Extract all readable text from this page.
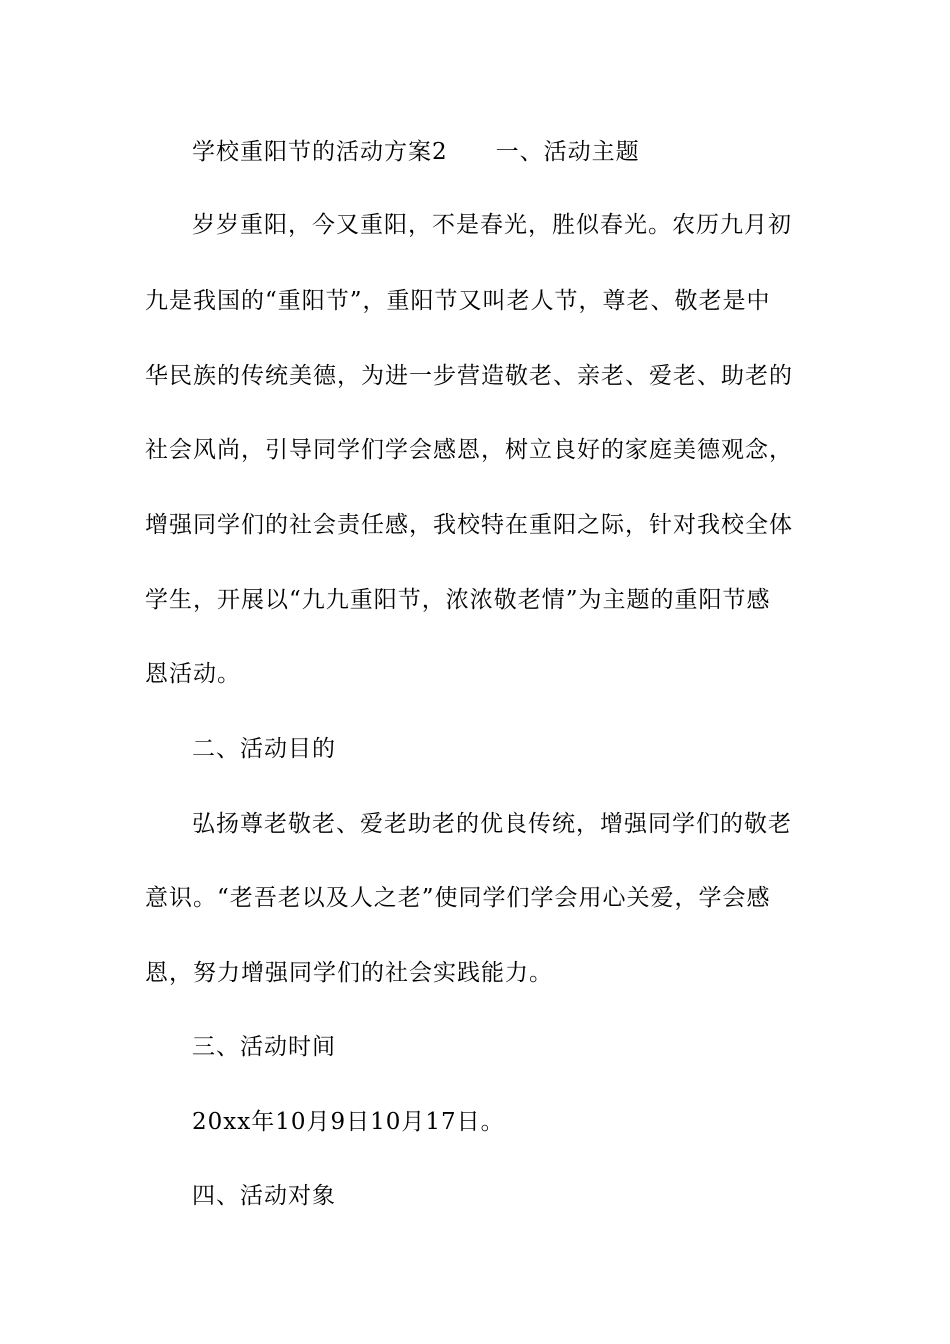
学校重阳节的活动方案2 一、活动主题
岁岁重阳，今又重阳，不是春光，胜似春光。农历九月初
九是我国的“重阳节”，重阳节又叫老人节，尊老、敬老是中
华民族的传统美德，为进一步营造敬老、亲老、爱老、助老的
社会风尚，引导同学们学会感恩，树立良好的家庭美德观念，
增强同学们的社会责任感，我校特在重阳之际，针对我校全体
学生，开展以“九九重阳节，浓浓敬老情”为主题的重阳节感
恩活动。
二、活动目的
弘扬尊老敬老、爱老助老的优良传统，增强同学们的敬老
意识。“老吾老以及人之老”使同学们学会用心关爱，学会感
恩，努力增强同学们的社会实践能力。
三、活动时间
20xx年10月9日10月17日。
四、活动对象
